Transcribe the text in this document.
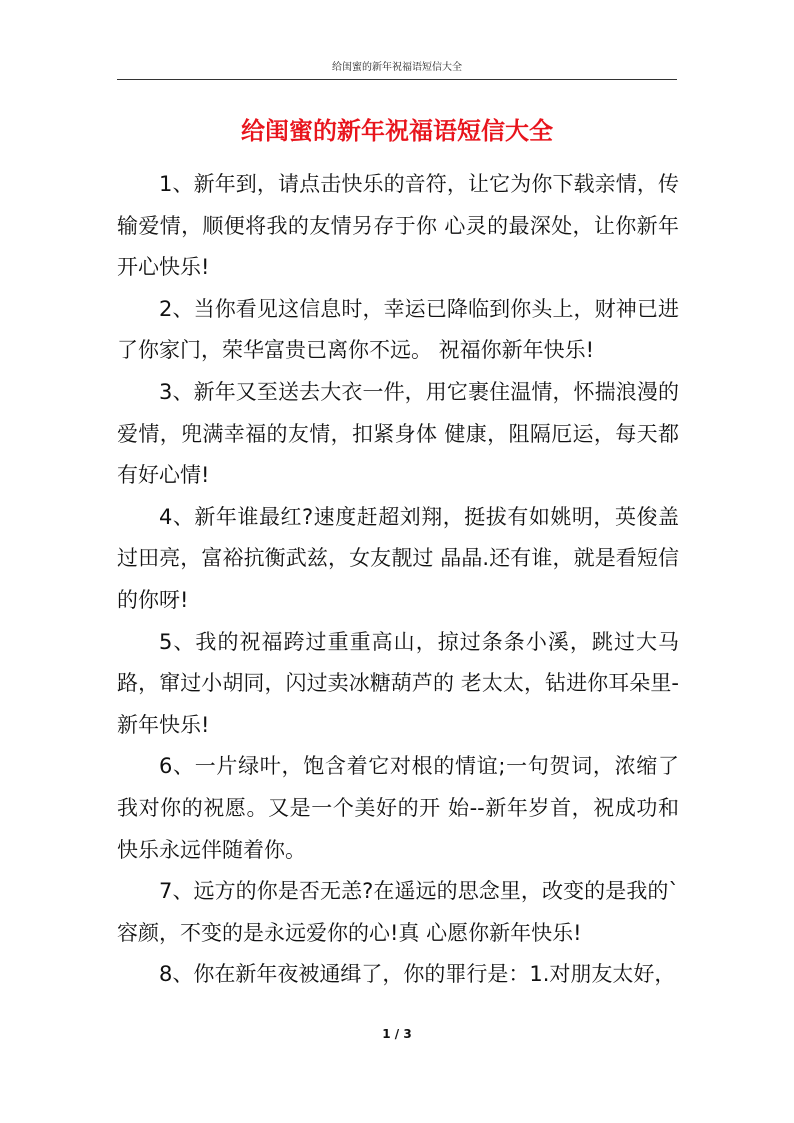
给闺蜜的新年祝福语短信大全
给闺蜜的新年祝福语短信大全

1、新年到，请点击快乐的音符，让它为你下载亲情，传输爱情，顺便将我的友情另存于你 心灵的最深处，让你新年开心快乐!

2、当你看见这信息时，幸运已降临到你头上，财神已进了你家门，荣华富贵已离你不远。 祝福你新年快乐!

3、新年又至送去大衣一件，用它裹住温情，怀揣浪漫的爱情，兜满幸福的友情，扣紧身体 健康，阻隔厄运，每天都有好心情!

4、新年谁最红?速度赶超刘翔，挺拔有如姚明，英俊盖过田亮，富裕抗衡武兹，女友靓过 晶晶.还有谁，就是看短信的你呀!

5、我的祝福跨过重重高山，掠过条条小溪，跳过大马路，窜过小胡同，闪过卖冰糖葫芦的 老太太，钻进你耳朵里-新年快乐!

6、一片绿叶，饱含着它对根的情谊;一句贺词，浓缩了我对你的祝愿。又是一个美好的开 始--新年岁首，祝成功和快乐永远伴随着你。

7、远方的你是否无恙?在遥远的思念里，改变的是我的`容颜，不变的是永远爱你的心!真 心愿你新年快乐!

8、你在新年夜被通缉了，你的罪行是：1.对朋友太好，

1 / 3
